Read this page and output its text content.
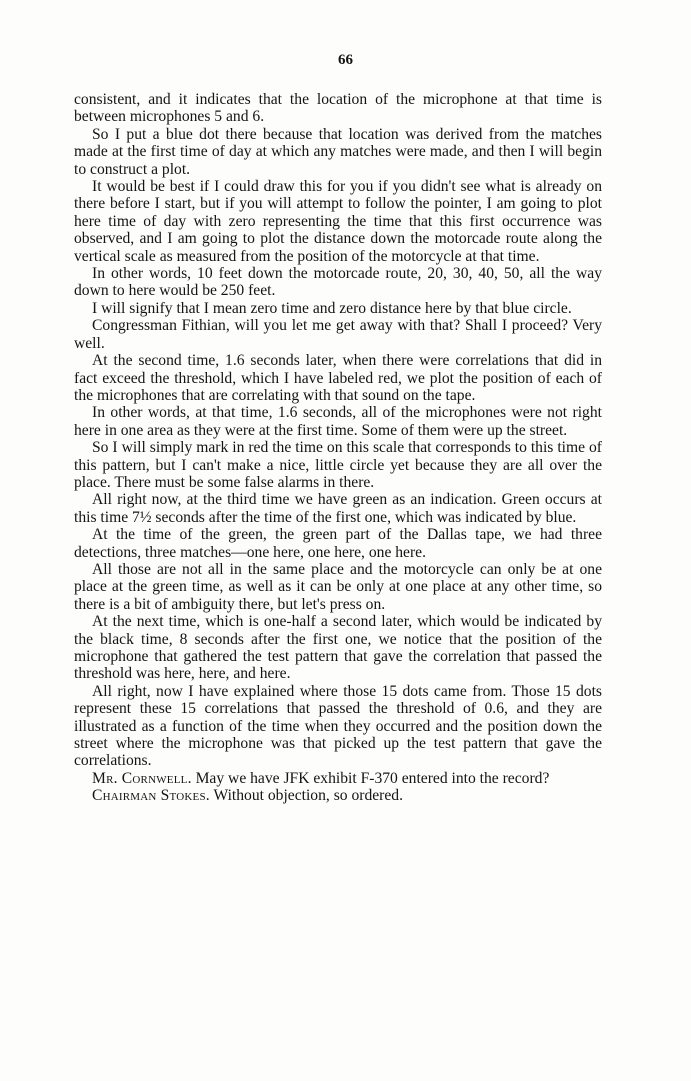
66

consistent, and it indicates that the location of the microphone at that time is between microphones 5 and 6.

So I put a blue dot there because that location was derived from the matches made at the first time of day at which any matches were made, and then I will begin to construct a plot.

It would be best if I could draw this for you if you didn't see what is already on there before I start, but if you will attempt to follow the pointer, I am going to plot here time of day with zero representing the time that this first occurrence was observed, and I am going to plot the distance down the motorcade route along the vertical scale as measured from the position of the motorcycle at that time.

In other words, 10 feet down the motorcade route, 20, 30, 40, 50, all the way down to here would be 250 feet.

I will signify that I mean zero time and zero distance here by that blue circle.

Congressman Fithian, will you let me get away with that? Shall I proceed? Very well.

At the second time, 1.6 seconds later, when there were correlations that did in fact exceed the threshold, which I have labeled red, we plot the position of each of the microphones that are correlating with that sound on the tape.

In other words, at that time, 1.6 seconds, all of the microphones were not right here in one area as they were at the first time. Some of them were up the street.

So I will simply mark in red the time on this scale that corresponds to this time of this pattern, but I can't make a nice, little circle yet because they are all over the place. There must be some false alarms in there.

All right now, at the third time we have green as an indication. Green occurs at this time 7½ seconds after the time of the first one, which was indicated by blue.

At the time of the green, the green part of the Dallas tape, we had three detections, three matches—one here, one here, one here.

All those are not all in the same place and the motorcycle can only be at one place at the green time, as well as it can be only at one place at any other time, so there is a bit of ambiguity there, but let's press on.

At the next time, which is one-half a second later, which would be indicated by the black time, 8 seconds after the first one, we notice that the position of the microphone that gathered the test pattern that gave the correlation that passed the threshold was here, here, and here.

All right, now I have explained where those 15 dots came from. Those 15 dots represent these 15 correlations that passed the threshold of 0.6, and they are illustrated as a function of the time when they occurred and the position down the street where the microphone was that picked up the test pattern that gave the correlations.

Mr. Cornwell. May we have JFK exhibit F-370 entered into the record?

Chairman Stokes. Without objection, so ordered.
